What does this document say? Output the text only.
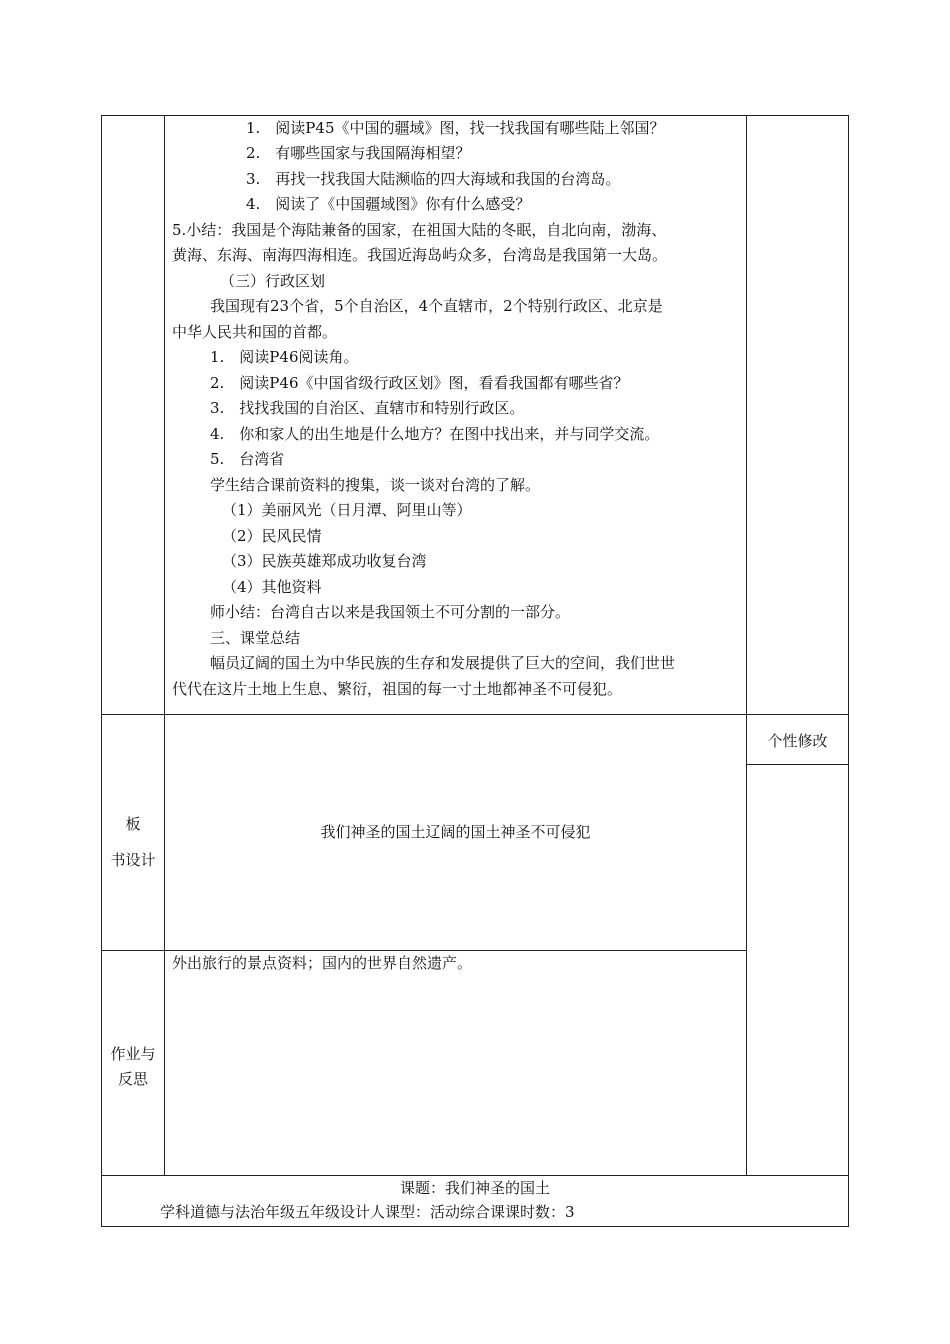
1.　阅读P45《中国的疆域》图，找一找我国有哪些陆上邻国？
2.　有哪些国家与我国隔海相望？
3.　再找一找我国大陆濒临的四大海域和我国的台湾岛。
4.　阅读了《中国疆域图》你有什么感受？
5.小结：我国是个海陆兼备的国家，在祖国大陆的冬眠，自北向南，渤海、
黄海、东海、南海四海相连。我国近海岛屿众多，台湾岛是我国第一大岛。
（三）行政区划
我国现有23个省，5个自治区，4个直辖市，2个特别行政区、北京是
中华人民共和国的首都。
1.　阅读P46阅读角。
2.　阅读P46《中国省级行政区划》图，看看我国都有哪些省？
3.　找找我国的自治区、直辖市和特别行政区。
4.　你和家人的出生地是什么地方？在图中找出来，并与同学交流。
5.　台湾省
学生结合课前资料的搜集，谈一谈对台湾的了解。
（1）美丽风光（日月潭、阿里山等）
（2）民风民情
（3）民族英雄郑成功收复台湾
（4）其他资料
师小结：台湾自古以来是我国领土不可分割的一部分。
三、课堂总结
幅员辽阔的国土为中华民族的生存和发展提供了巨大的空间，我们世世
代代在这片土地上生息、繁衍，祖国的每一寸土地都神圣不可侵犯。
个性修改
板
书设计
我们神圣的国土辽阔的国土神圣不可侵犯
作业与
反思
外出旅行的景点资料；国内的世界自然遗产。
课题：我们神圣的国土
学科道德与法治年级五年级设计人课型：活动综合课课时数：3
